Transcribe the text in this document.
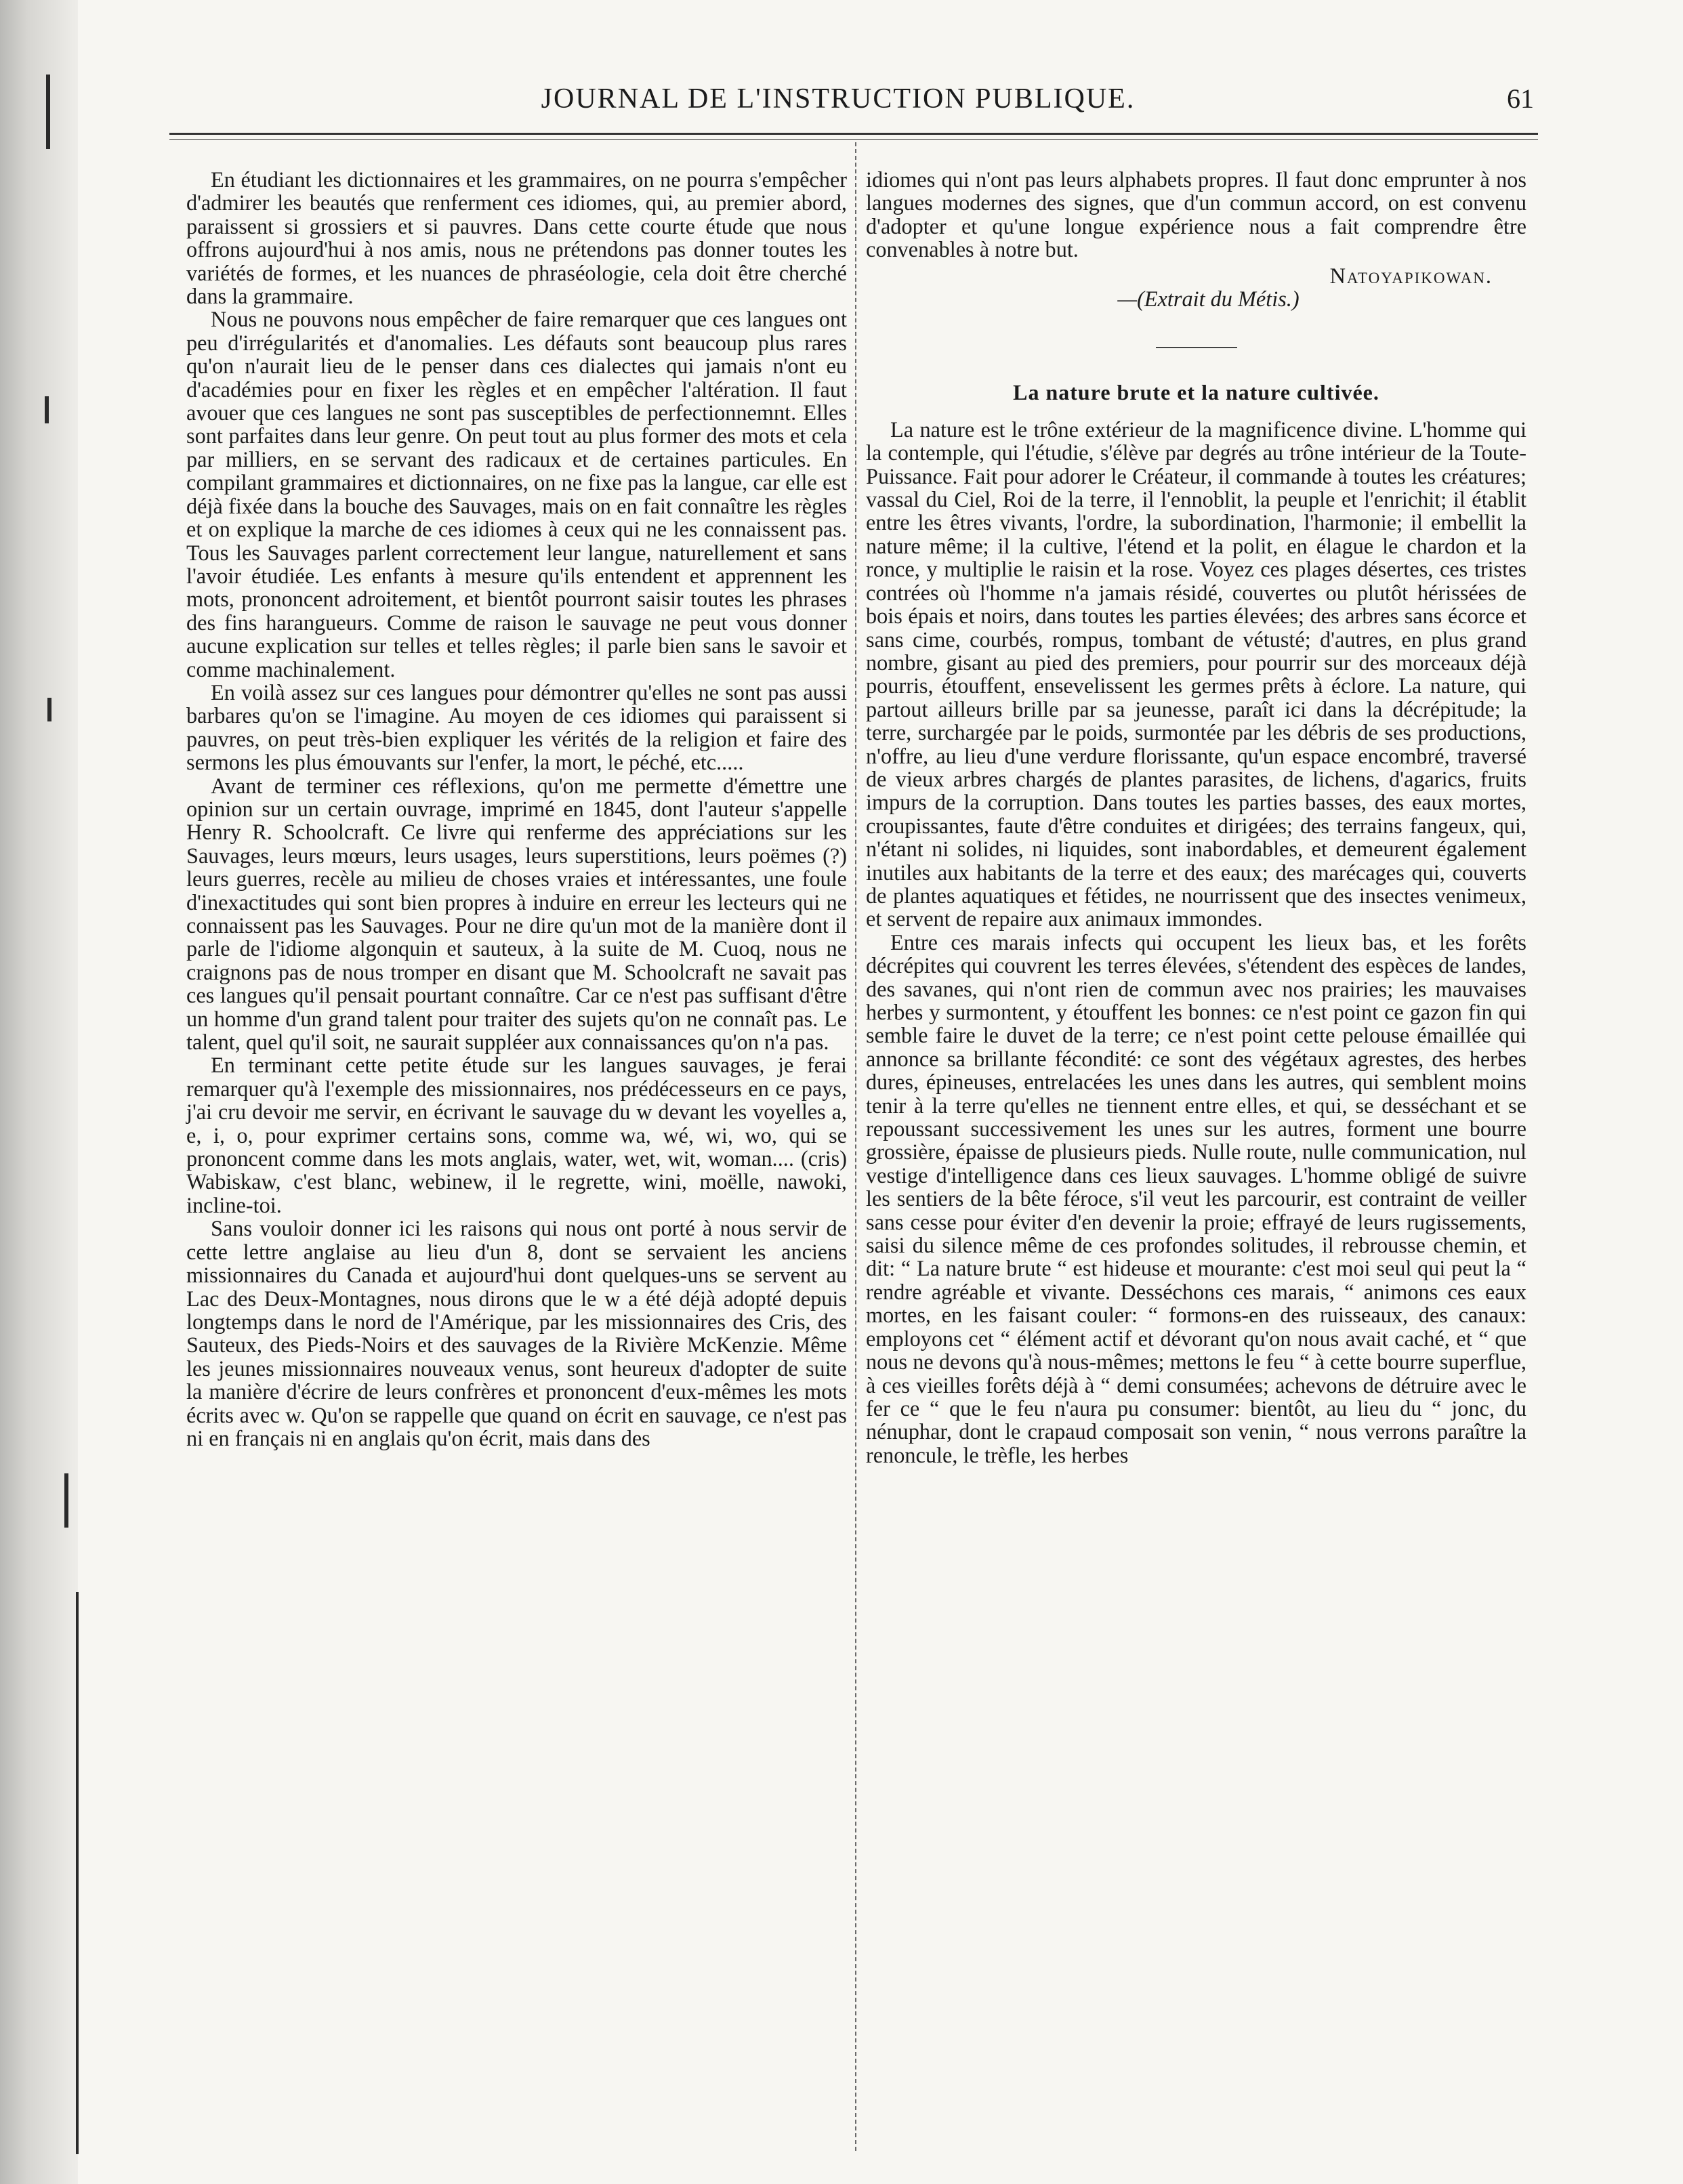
JOURNAL DE L'INSTRUCTION PUBLIQUE.	61

En étudiant les dictionnaires et les grammaires, on ne pourra s'empêcher d'admirer les beautés que renferment ces idiomes, qui, au premier abord, paraissent si grossiers et si pauvres. Dans cette courte étude que nous offrons aujourd'hui à nos amis, nous ne prétendons pas donner toutes les variétés de formes, et les nuances de phraséologie, cela doit être cherché dans la grammaire.

Nous ne pouvons nous empêcher de faire remarquer que ces langues ont peu d'irrégularités et d'anomalies. Les défauts sont beaucoup plus rares qu'on n'aurait lieu de le penser dans ces dialectes qui jamais n'ont eu d'académies pour en fixer les règles et en empêcher l'altération. Il faut avouer que ces langues ne sont pas susceptibles de perfectionnemnt. Elles sont parfaites dans leur genre. On peut tout au plus former des mots et cela par milliers, en se servant des radicaux et de certaines particules. En compilant grammaires et dictionnaires, on ne fixe pas la langue, car elle est déjà fixée dans la bouche des Sauvages, mais on en fait connaître les règles et on explique la marche de ces idiomes à ceux qui ne les connaissent pas. Tous les Sauvages parlent correctement leur langue, naturellement et sans l'avoir étudiée. Les enfants à mesure qu'ils entendent et apprennent les mots, prononcent adroitement, et bientôt pourront saisir toutes les phrases des fins harangueurs. Comme de raison le sauvage ne peut vous donner aucune explication sur telles et telles règles; il parle bien sans le savoir et comme machinalement.

En voilà assez sur ces langues pour démontrer qu'elles ne sont pas aussi barbares qu'on se l'imagine. Au moyen de ces idiomes qui paraissent si pauvres, on peut très-bien expliquer les vérités de la religion et faire des sermons les plus émouvants sur l'enfer, la mort, le péché, etc.....

Avant de terminer ces réflexions, qu'on me permette d'émettre une opinion sur un certain ouvrage, imprimé en 1845, dont l'auteur s'appelle Henry R. Schoolcraft. Ce livre qui renferme des appréciations sur les Sauvages, leurs mœurs, leurs usages, leurs superstitions, leurs poëmes (?) leurs guerres, recèle au milieu de choses vraies et intéressantes, une foule d'inexactitudes qui sont bien propres à induire en erreur les lecteurs qui ne connaissent pas les Sauvages. Pour ne dire qu'un mot de la manière dont il parle de l'idiome algonquin et sauteux, à la suite de M. Cuoq, nous ne craignons pas de nous tromper en disant que M. Schoolcraft ne savait pas ces langues qu'il pensait pourtant connaître. Car ce n'est pas suffisant d'être un homme d'un grand talent pour traiter des sujets qu'on ne connaît pas. Le talent, quel qu'il soit, ne saurait suppléer aux connaissances qu'on n'a pas.

En terminant cette petite étude sur les langues sauvages, je ferai remarquer qu'à l'exemple des missionnaires, nos prédécesseurs en ce pays, j'ai cru devoir me servir, en écrivant le sauvage du w devant les voyelles a, e, i, o, pour exprimer certains sons, comme wa, wé, wi, wo, qui se prononcent comme dans les mots anglais, water, wet, wit, woman.... (cris) Wabiskaw, c'est blanc, webinew, il le regrette, wini, moëlle, nawoki, incline-toi.

Sans vouloir donner ici les raisons qui nous ont porté à nous servir de cette lettre anglaise au lieu d'un 8, dont se servaient les anciens missionnaires du Canada et aujourd'hui dont quelques-uns se servent au Lac des Deux-Montagnes, nous dirons que le w a été déjà adopté depuis longtemps dans le nord de l'Amérique, par les missionnaires des Cris, des Sauteux, des Pieds-Noirs et des sauvages de la Rivière McKenzie. Même les jeunes missionnaires nouveaux venus, sont heureux d'adopter de suite la manière d'écrire de leurs confrères et prononcent d'eux-mêmes les mots écrits avec w. Qu'on se rappelle que quand on écrit en sauvage, ce n'est pas ni en français ni en anglais qu'on écrit, mais dans des

idiomes qui n'ont pas leurs alphabets propres. Il faut donc emprunter à nos langues modernes des signes, que d'un commun accord, on est convenu d'adopter et qu'une longue expérience nous a fait comprendre être convenables à notre but.

Natoyapikowan.

—(Extrait du Métis.)

La nature brute et la nature cultivée.

La nature est le trône extérieur de la magnificence divine. L'homme qui la contemple, qui l'étudie, s'élève par degrés au trône intérieur de la Toute-Puissance. Fait pour adorer le Créateur, il commande à toutes les créatures; vassal du Ciel, Roi de la terre, il l'ennoblit, la peuple et l'enrichit; il établit entre les êtres vivants, l'ordre, la subordination, l'harmonie; il embellit la nature même; il la cultive, l'étend et la polit, en élague le chardon et la ronce, y multiplie le raisin et la rose. Voyez ces plages désertes, ces tristes contrées où l'homme n'a jamais résidé, couvertes ou plutôt hérissées de bois épais et noirs, dans toutes les parties élevées; des arbres sans écorce et sans cime, courbés, rompus, tombant de vétusté; d'autres, en plus grand nombre, gisant au pied des premiers, pour pourrir sur des morceaux déjà pourris, étouffent, ensevelissent les germes prêts à éclore. La nature, qui partout ailleurs brille par sa jeunesse, paraît ici dans la décrépitude; la terre, surchargée par le poids, surmontée par les débris de ses productions, n'offre, au lieu d'une verdure florissante, qu'un espace encombré, traversé de vieux arbres chargés de plantes parasites, de lichens, d'agarics, fruits impurs de la corruption. Dans toutes les parties basses, des eaux mortes, croupissantes, faute d'être conduites et dirigées; des terrains fangeux, qui, n'étant ni solides, ni liquides, sont inabordables, et demeurent également inutiles aux habitants de la terre et des eaux; des marécages qui, couverts de plantes aquatiques et fétides, ne nourrissent que des insectes venimeux, et servent de repaire aux animaux immondes.

Entre ces marais infects qui occupent les lieux bas, et les forêts décrépites qui couvrent les terres élevées, s'étendent des espèces de landes, des savanes, qui n'ont rien de commun avec nos prairies; les mauvaises herbes y surmontent, y étouffent les bonnes: ce n'est point ce gazon fin qui semble faire le duvet de la terre; ce n'est point cette pelouse émaillée qui annonce sa brillante fécondité: ce sont des végétaux agrestes, des herbes dures, épineuses, entrelacées les unes dans les autres, qui semblent moins tenir à la terre qu'elles ne tiennent entre elles, et qui, se desséchant et se repoussant successivement les unes sur les autres, forment une bourre grossière, épaisse de plusieurs pieds. Nulle route, nulle communication, nul vestige d'intelligence dans ces lieux sauvages. L'homme obligé de suivre les sentiers de la bête féroce, s'il veut les parcourir, est contraint de veiller sans cesse pour éviter d'en devenir la proie; effrayé de leurs rugissements, saisi du silence même de ces profondes solitudes, il rebrousse chemin, et dit: “ La nature brute “ est hideuse et mourante: c'est moi seul qui peut la “ rendre agréable et vivante. Desséchons ces marais, “ animons ces eaux mortes, en les faisant couler: “ formons-en des ruisseaux, des canaux: employons cet “ élément actif et dévorant qu'on nous avait caché, et “ que nous ne devons qu'à nous-mêmes; mettons le feu “ à cette bourre superflue, à ces vieilles forêts déjà à “ demi consumées; achevons de détruire avec le fer ce “ que le feu n'aura pu consumer: bientôt, au lieu du “ jonc, du nénuphar, dont le crapaud composait son venin, “ nous verrons paraître la renoncule, le trèfle, les herbes
